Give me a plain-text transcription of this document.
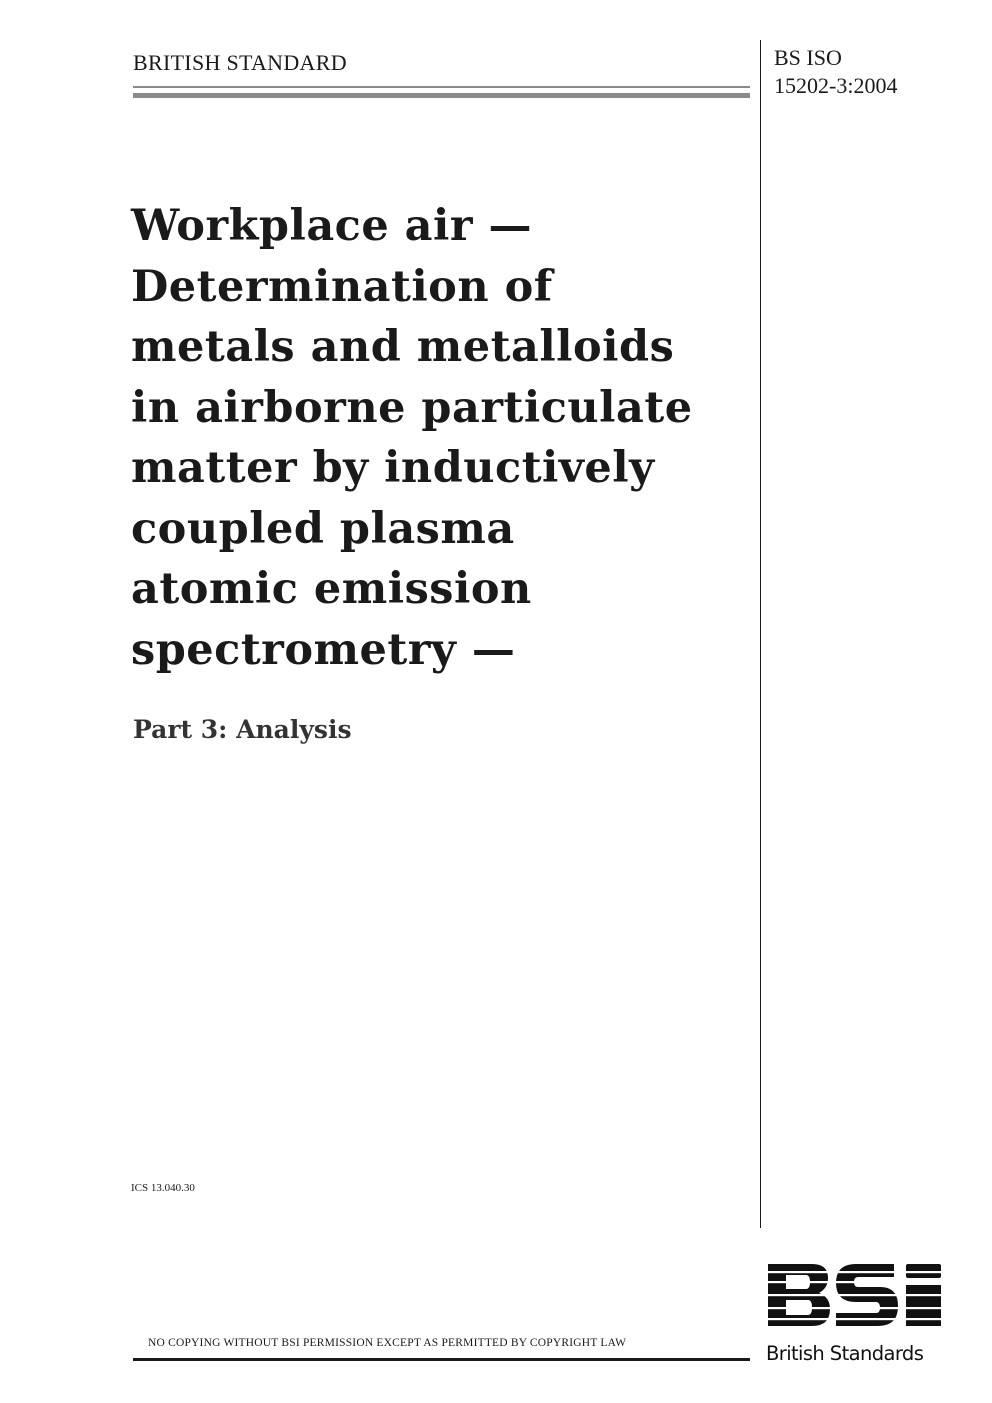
BRITISH STANDARD	BS ISO
15202-3:2004
Workplace air —
Determination of
metals and metalloids
in airborne particulate
matter by inductively
coupled plasma
atomic emission
spectrometry —
Part 3: Analysis
ICS 13.040.30
NO COPYING WITHOUT BSI PERMISSION EXCEPT AS PERMITTED BY COPYRIGHT LAW	British Standards
